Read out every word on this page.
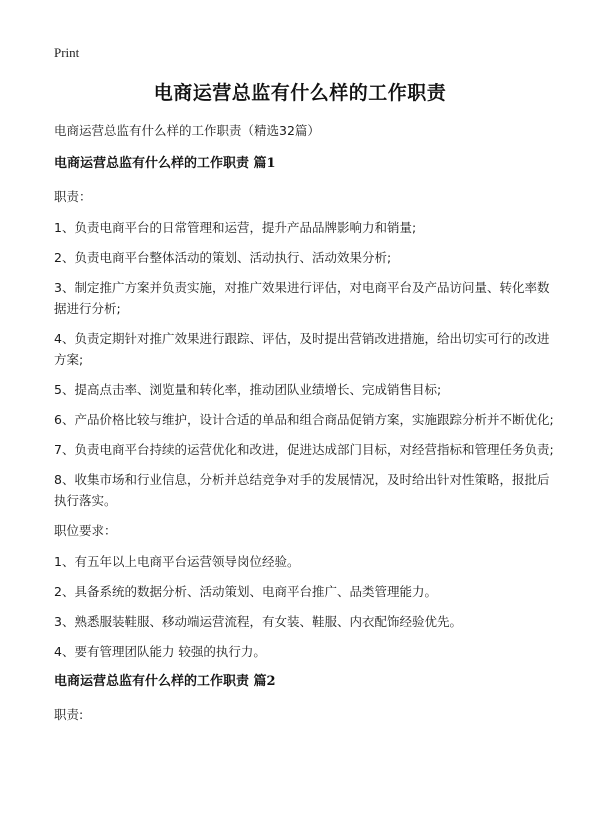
Print
电商运营总监有什么样的工作职责

电商运营总监有什么样的工作职责（精选32篇）

电商运营总监有什么样的工作职责 篇1

职责：

1、负责电商平台的日常管理和运营，提升产品品牌影响力和销量;

2、负责电商平台整体活动的策划、活动执行、活动效果分析;

3、制定推广方案并负责实施，对推广效果进行评估，对电商平台及产品访问量、转化率数据进行分析;

4、负责定期针对推广效果进行跟踪、评估，及时提出营销改进措施，给出切实可行的改进方案;

5、提高点击率、浏览量和转化率，推动团队业绩增长、完成销售目标;

6、产品价格比较与维护，设计合适的单品和组合商品促销方案，实施跟踪分析并不断优化;

7、负责电商平台持续的运营优化和改进，促进达成部门目标，对经营指标和管理任务负责;

8、收集市场和行业信息，分析并总结竞争对手的发展情况，及时给出针对性策略，报批后执行落实。

职位要求：

1、有五年以上电商平台运营领导岗位经验。

2、具备系统的数据分析、活动策划、电商平台推广、品类管理能力。

3、熟悉服装鞋服、移动端运营流程，有女装、鞋服、内衣配饰经验优先。

4、要有管理团队能力 较强的执行力。

电商运营总监有什么样的工作职责 篇2

职责:
